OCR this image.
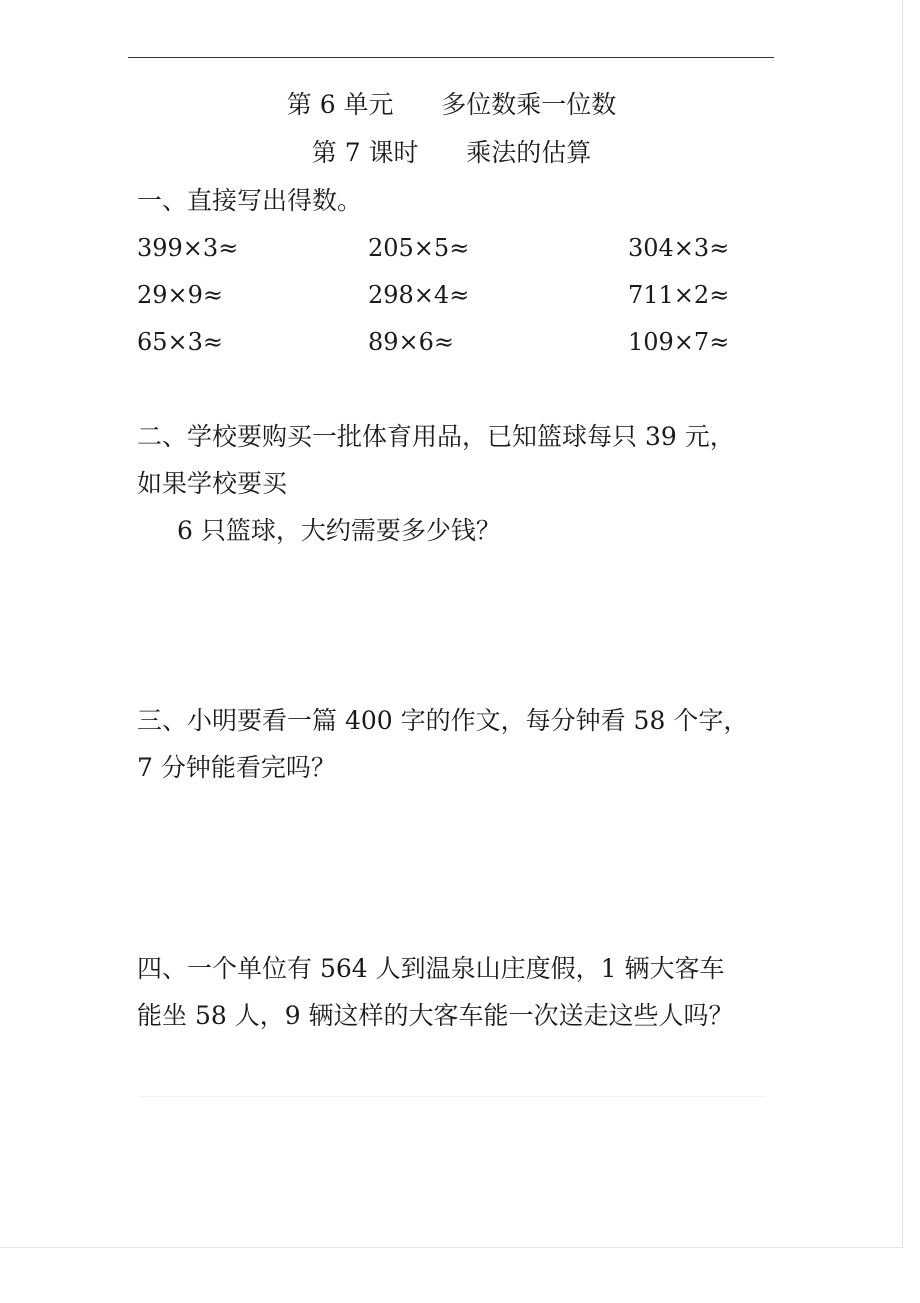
第 6 单元      多位数乘一位数
第 7 课时      乘法的估算
一、直接写出得数。
399×3≈	205×5≈	304×3≈
29×9≈	298×4≈	711×2≈
65×3≈	89×6≈	109×7≈
二、学校要购买一批体育用品，已知篮球每只 39 元，
如果学校要买
6 只篮球，大约需要多少钱？
三、小明要看一篇 400 字的作文，每分钟看 58 个字，
7 分钟能看完吗？
四、一个单位有 564 人到温泉山庄度假，1 辆大客车
能坐 58 人，9 辆这样的大客车能一次送走这些人吗？
